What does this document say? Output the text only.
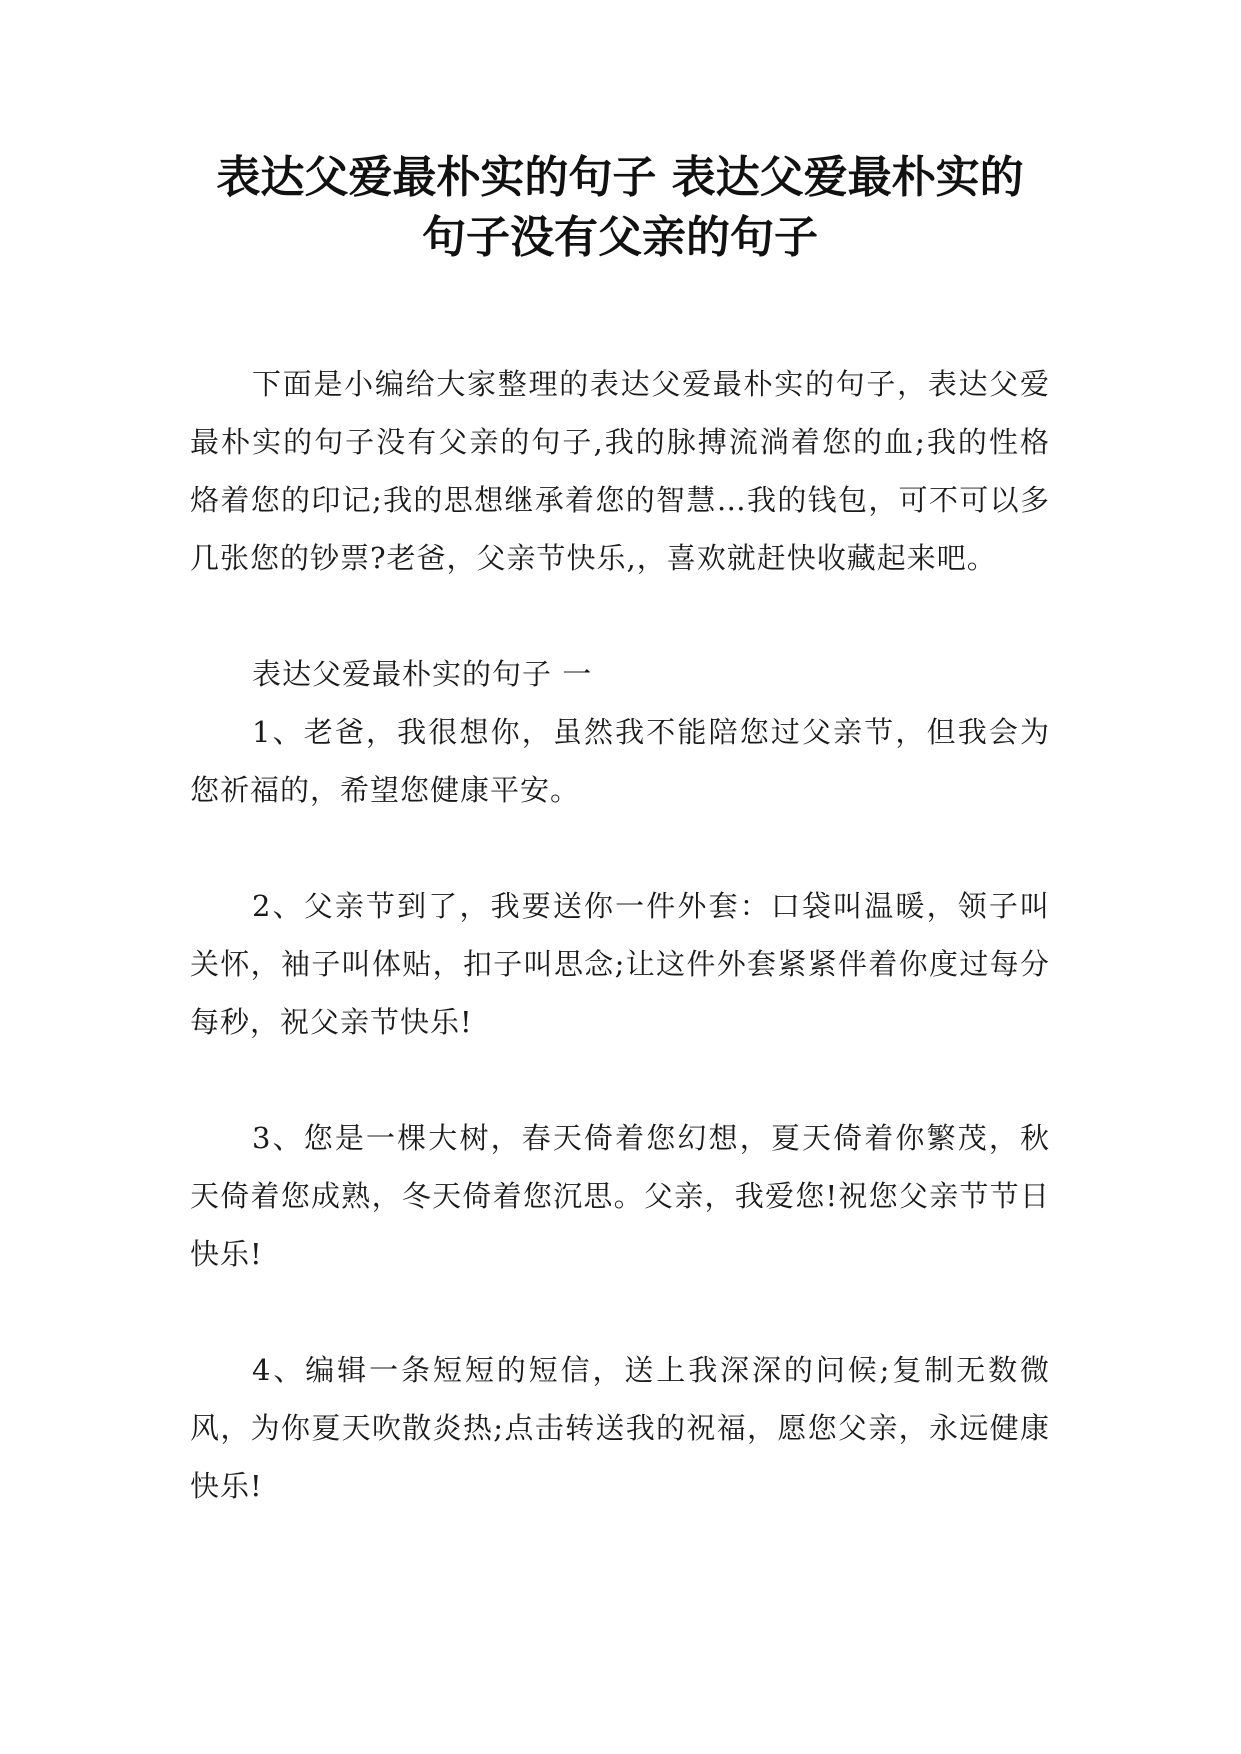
表达父爱最朴实的句子 表达父爱最朴实的
句子没有父亲的句子

下面是小编给大家整理的表达父爱最朴实的句子，表达父爱最朴实的句子没有父亲的句子,我的脉搏流淌着您的血;我的性格烙着您的印记;我的思想继承着您的智慧…我的钱包，可不可以多几张您的钞票?老爸，父亲节快乐,，喜欢就赶快收藏起来吧。

表达父爱最朴实的句子 一

1、老爸，我很想你，虽然我不能陪您过父亲节，但我会为您祈福的，希望您健康平安。

2、父亲节到了，我要送你一件外套：口袋叫温暖，领子叫关怀，袖子叫体贴，扣子叫思念;让这件外套紧紧伴着你度过每分每秒，祝父亲节快乐!

3、您是一棵大树，春天倚着您幻想，夏天倚着你繁茂，秋天倚着您成熟，冬天倚着您沉思。父亲，我爱您!祝您父亲节节日快乐!

4、编辑一条短短的短信，送上我深深的问候;复制无数微风，为你夏天吹散炎热;点击转送我的祝福，愿您父亲，永远健康快乐!
